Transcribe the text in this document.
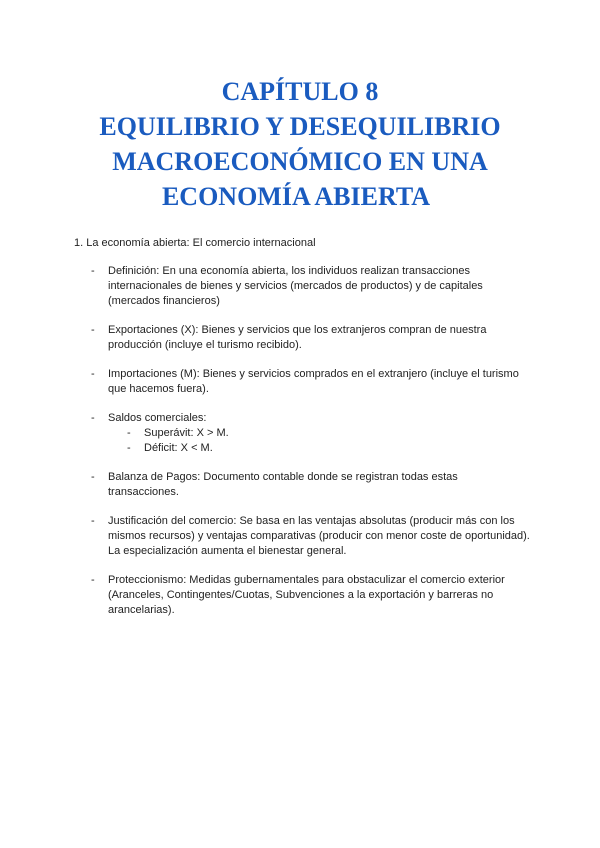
CAPÍTULO 8
EQUILIBRIO Y DESEQUILIBRIO
MACROECONÓMICO EN UNA
ECONOMÍA ABIERTA
1. La economía abierta: El comercio internacional
- Definición: En una economía abierta, los individuos realizan transacciones internacionales de bienes y servicios (mercados de productos) y de capitales (mercados financieros)
- Exportaciones (X): Bienes y servicios que los extranjeros compran de nuestra producción (incluye el turismo recibido).
- Importaciones (M): Bienes y servicios comprados en el extranjero (incluye el turismo que hacemos fuera).
- Saldos comerciales:
- Superávit: X > M.
- Déficit: X < M.
- Balanza de Pagos: Documento contable donde se registran todas estas transacciones.
- Justificación del comercio: Se basa en las ventajas absolutas (producir más con los mismos recursos) y ventajas comparativas (producir con menor coste de oportunidad). La especialización aumenta el bienestar general.
- Proteccionismo: Medidas gubernamentales para obstaculizar el comercio exterior (Aranceles, Contingentes/Cuotas, Subvenciones a la exportación y barreras no arancelarias).
